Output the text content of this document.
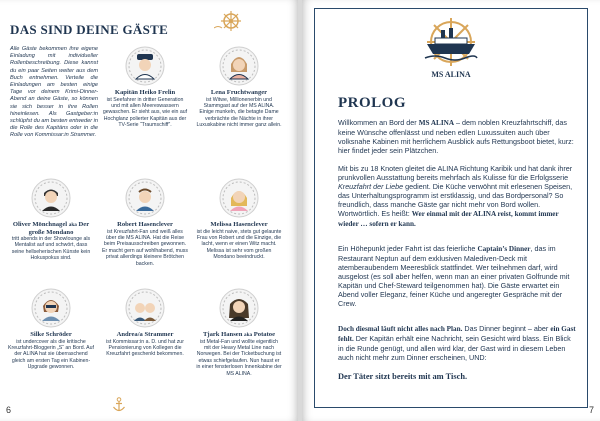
DAS SIND DEINE GÄSTE
Alle Gäste bekommen ihre eigene Einladung mit individueller Rollenbeschreibung. Diese kannst du ein paar Seiten weiter aus dem Buch entnehmen. Verteile die Einladungen am besten einige Tage vor deinem Krimi-Dinner-Abend an deine Gäste, so können sie sich besser in ihre Rollen hineinlesen. Als Gastgeber:in schlüpfst du am besten entweder in die Rolle des Kapitäns oder in die Rolle von Kommissar:in Strammer.
Kapitän Heiko Frelin
ist Seefahrer in dritter Generation und mit allen Meereswassern gewaschen. Er sieht aus, wie ein auf Hochglanz polierter Kapitän aus der TV-Serie “Traumschiff”.
Lena Fruchtwanger
ist Witwe, Millionenerbin und Stammgast auf der MS ALINA. Einige munkeln, die betagte Dame verbrächte die Nächte in ihrer Luxuskabine nicht immer ganz allein.
Oliver Mönchnagel aka Der große Mondano
tritt abends in der Showlounge als Mentalist auf und schwört, dass seine hellseherischen Künste kein Hokuspokus sind.
Robert Hasenclever
ist Kreuzfahrt-Fan und weiß alles über die MS ALINA. Hat die Reise beim Preisausschreiben gewonnen. Er macht gern auf wohlhabend, muss privat allerdings kleinere Brötchen backen.
Melissa Hasenclever
ist die leicht naive, stets gut gelaunte Frau von Robert und die Einzige, die lacht, wenn er einen Witz macht. Melissa ist sehr vom großen Mondano beeindruckt.
Silke Schröder
ist undercover als die kritische Kreuzfahrt-Bloggerin „S“ an Bord. Auf der ALINA hat sie überraschend gleich am ersten Tag ein Kabinen-Upgrade gewonnen.
Andrea/a Strammer
ist Kommissar:in a. D. und hat zur Pensionierung von Kollegen die Kreuzfahrt geschenkt bekommen.
Tjark Hansen aka Potatoe
ist Metal-Fan und wollte eigentlich mit der Heavy Metal Line nach Norwegen. Bei der Ticketbuchung ist etwas schiefgelaufen. Nun haust er in einer fensterlosen Innenkabine der MS ALINA.
6
MS ALINA
PROLOG
Willkommen an Bord der MS ALINA – dem noblen Kreuzfahrtschiff, das keine Wünsche offenlässt und neben edlen Luxussuiten auch über volksnahe Kabinen mit herrlichem Ausblick aufs Rettungsboot bietet, kurz: hier findet jeder sein Plätzchen.
Mit bis zu 18 Knoten gleitet die ALINA Richtung Karibik und hat dank ihrer prunkvollen Ausstattung bereits mehrfach als Kulisse für die Erfolgsserie Kreuzfahrt der Liebe gedient. Die Küche verwöhnt mit erlesenen Speisen, das Unterhaltungsprogramm ist erstklassig, und das Bordpersonal? So freundlich, dass manche Gäste gar nicht mehr von Bord wollen. Wortwörtlich. Es heißt: Wer einmal mit der ALINA reist, kommt immer wieder … sofern er kann.
Ein Höhepunkt jeder Fahrt ist das feierliche Captain’s Dinner, das im Restaurant Neptun auf dem exklusiven Malediven-Deck mit atemberaubendem Meeresblick stattfindet. Wer teilnehmen darf, wird ausgelost (es soll aber helfen, wenn man an einer privaten Golfrunde mit Kapitän und Chef-Steward teilgenommen hat). Die Gäste erwartet ein Abend voller Eleganz, feiner Küche und angeregter Gespräche mit der Crew.
Doch diesmal läuft nicht alles nach Plan. Das Dinner beginnt – aber ein Gast fehlt. Der Kapitän erhält eine Nachricht, sein Gesicht wird blass. Ein Blick in die Runde genügt, und allen wird klar, der Gast wird in diesem Leben auch nicht mehr zum Dinner erscheinen, UND:
Der Täter sitzt bereits mit am Tisch.
7
